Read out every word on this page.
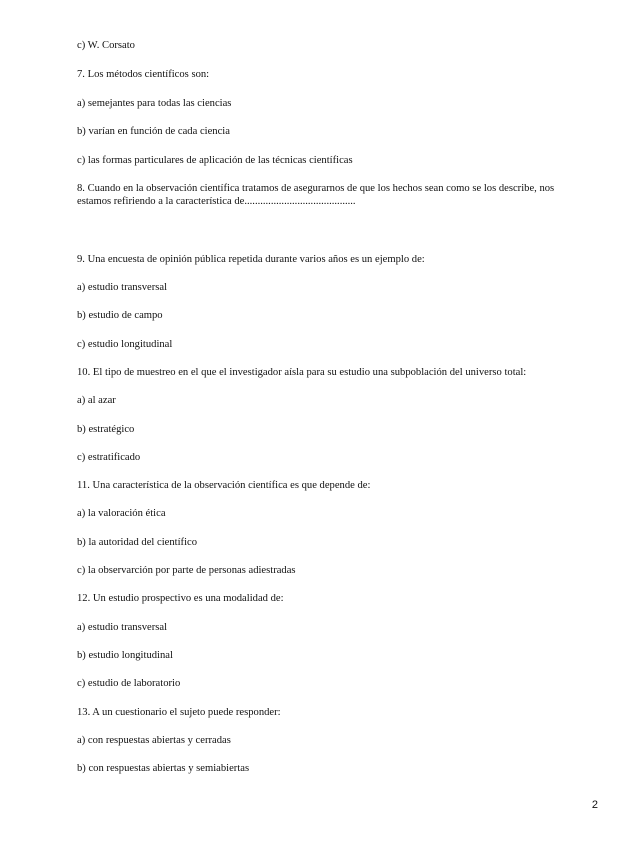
c) W. Corsato
7. Los métodos científicos son:
a) semejantes para todas las ciencias
b) varían en función de cada ciencia
c) las formas particulares de aplicación de las técnicas científicas
8. Cuando en la observación científica tratamos de asegurarnos de que los hechos sean como se los describe, nos estamos refiriendo a la característica de..........................................
9. Una encuesta de opinión pública repetida durante varios años es un ejemplo de:
a) estudio transversal
b) estudio de campo
c) estudio longitudinal
10. El tipo de muestreo en el que el investigador aísla para su estudio una subpoblación del universo total:
a) al azar
b) estratégico
c) estratificado
11. Una característica de la observación científica es que depende de:
a) la valoración ética
b) la autoridad del científico
c) la observarción por parte de personas adiestradas
12. Un estudio prospectivo es una modalidad de:
a) estudio transversal
b) estudio longitudinal
c) estudio de laboratorio
13. A un cuestionario el sujeto puede responder:
a) con respuestas abiertas y cerradas
b) con respuestas abiertas y semiabiertas
2
